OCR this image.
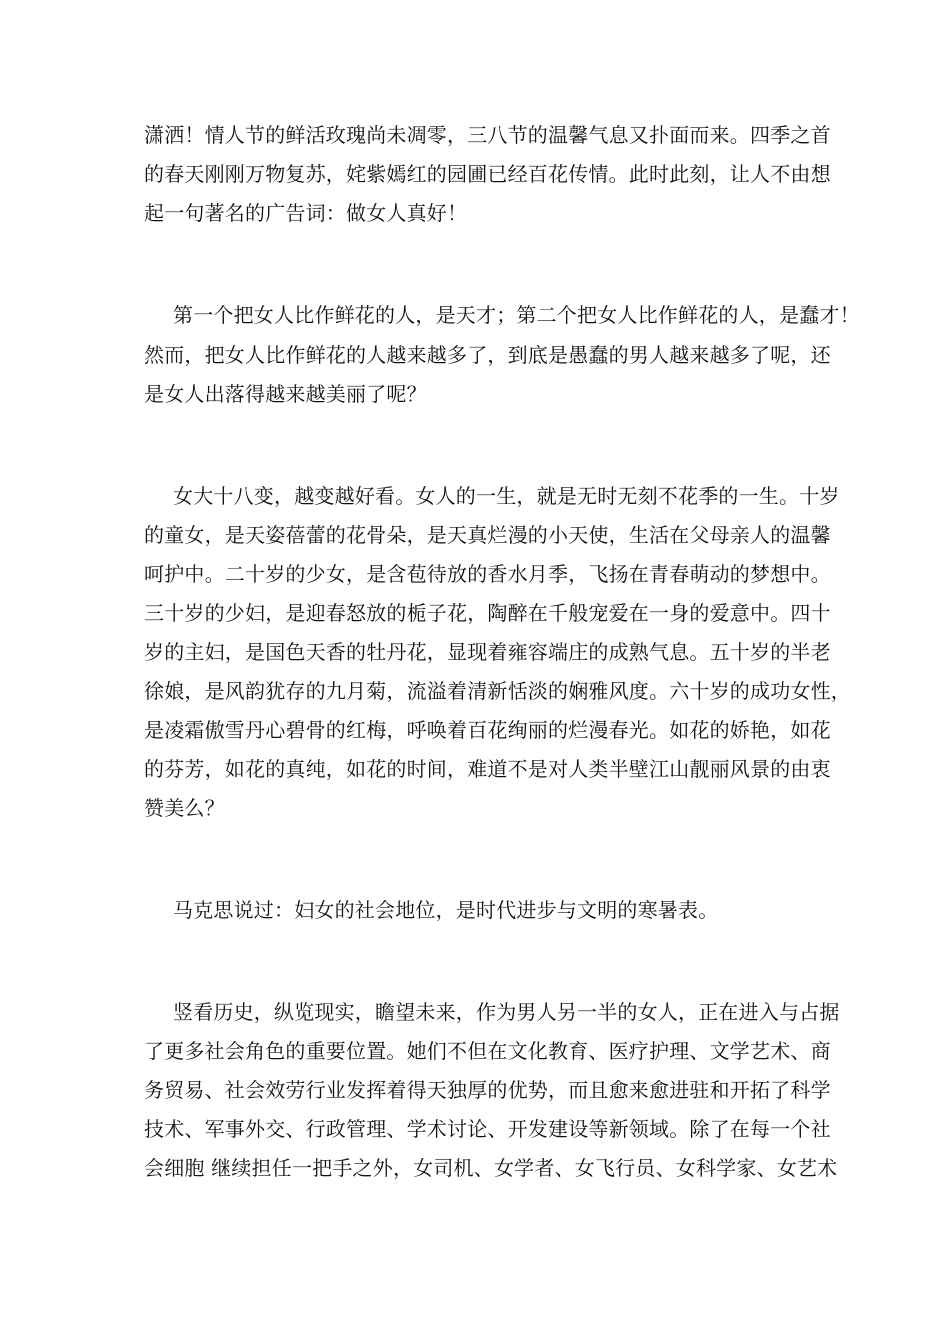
潇洒！情人节的鲜活玫瑰尚未凋零，三八节的温馨气息又扑面而来。四季之首
的春天刚刚万物复苏，姹紫嫣红的园圃已经百花传情。此时此刻，让人不由想
起一句著名的广告词：做女人真好！
第一个把女人比作鲜花的人，是天才；第二个把女人比作鲜花的人，是蠢才！
然而，把女人比作鲜花的人越来越多了，到底是愚蠢的男人越来越多了呢，还
是女人出落得越来越美丽了呢？
女大十八变，越变越好看。女人的一生，就是无时无刻不花季的一生。十岁
的童女，是天姿蓓蕾的花骨朵，是天真烂漫的小天使，生活在父母亲人的温馨
呵护中。二十岁的少女，是含苞待放的香水月季，飞扬在青春萌动的梦想中。
三十岁的少妇，是迎春怒放的栀子花，陶醉在千般宠爱在一身的爱意中。四十
岁的主妇，是国色天香的牡丹花，显现着雍容端庄的成熟气息。五十岁的半老
徐娘，是风韵犹存的九月菊，流溢着清新恬淡的娴雅风度。六十岁的成功女性，
是凌霜傲雪丹心碧骨的红梅，呼唤着百花绚丽的烂漫春光。如花的娇艳，如花
的芬芳，如花的真纯，如花的时间，难道不是对人类半壁江山靓丽风景的由衷
赞美么？
马克思说过：妇女的社会地位，是时代进步与文明的寒暑表。
竖看历史，纵览现实，瞻望未来，作为男人另一半的女人，正在进入与占据
了更多社会角色的重要位置。她们不但在文化教育、医疗护理、文学艺术、商
务贸易、社会效劳行业发挥着得天独厚的优势，而且愈来愈进驻和开拓了科学
技术、军事外交、行政管理、学术讨论、开发建设等新领域。除了在每一个社
会细胞 继续担任一把手之外，女司机、女学者、女飞行员、女科学家、女艺术
